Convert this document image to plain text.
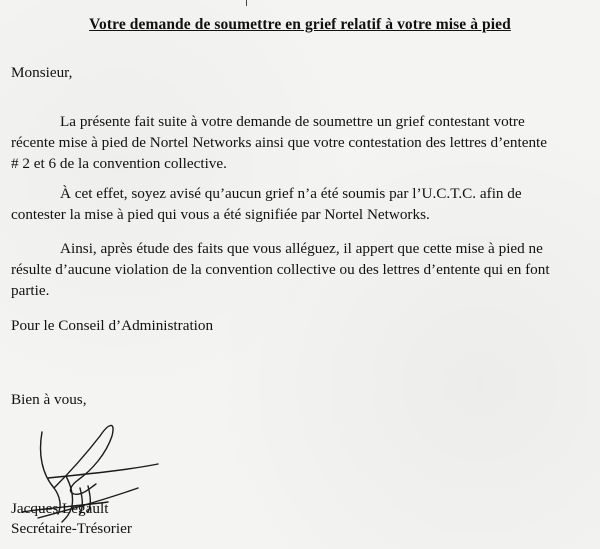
Votre demande de soumettre en grief relatif à votre mise à pied
Monsieur,
La présente fait suite à votre demande de soumettre un grief contestant votre
récente mise à pied de Nortel Networks ainsi que votre contestation des lettres d’entente
# 2 et 6 de la convention collective.
À cet effet, soyez avisé qu’aucun grief n’a été soumis par l’U.C.T.C. afin de
contester la mise à pied qui vous a été signifiée par Nortel Networks.
Ainsi, après étude des faits que vous alléguez, il appert que cette mise à pied ne
résulte d’aucune violation de la convention collective ou des lettres d’entente qui en font
partie.
Pour le Conseil d’Administration
Bien à vous,
Jacques Legault
Secrétaire-Trésorier
